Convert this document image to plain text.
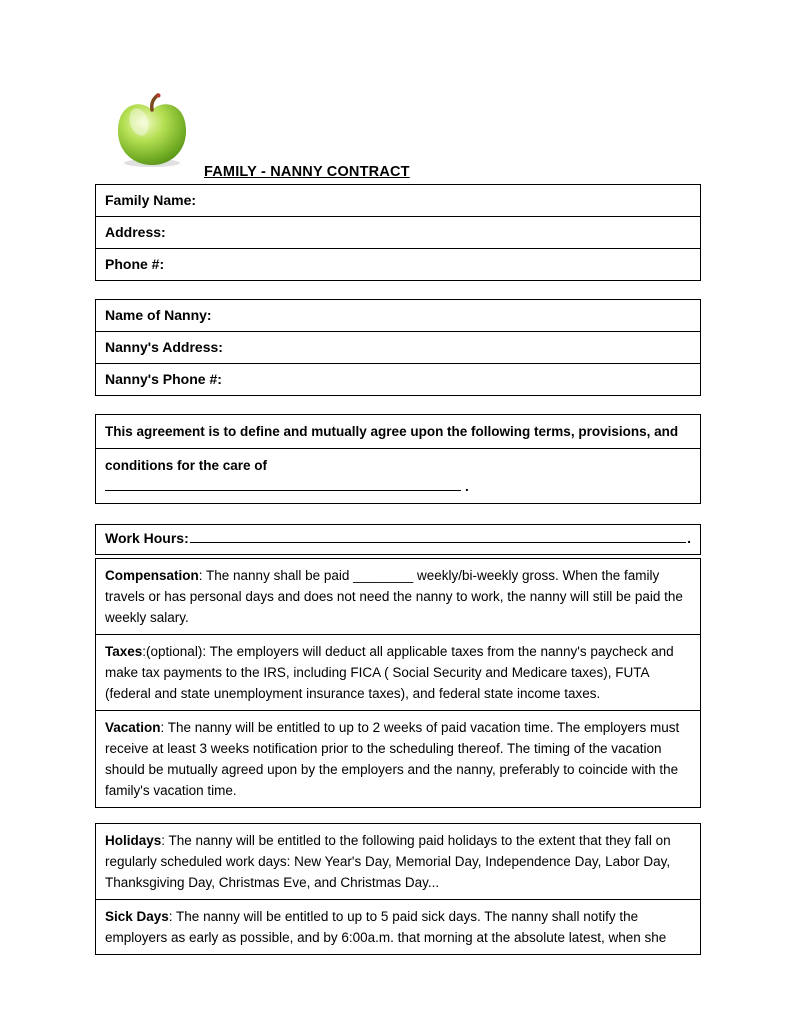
FAMILY - NANNY CONTRACT
Family Name:
Address:
Phone #:
Name of Nanny:
Nanny's Address:
Nanny's Phone #:
This agreement is to define and mutually agree upon the following terms, provisions, and
conditions for the care of
.
Work Hours:	.
Compensation: The nanny shall be paid ________ weekly/bi-weekly gross. When the family travels or has personal days and does not need the nanny to work, the nanny will still be paid the weekly salary.
Taxes:(optional): The employers will deduct all applicable taxes from the nanny's paycheck and make tax payments to the IRS, including FICA ( Social Security and Medicare taxes), FUTA (federal and state unemployment insurance taxes), and federal state income taxes.
Vacation: The nanny will be entitled to up to 2 weeks of paid vacation time. The employers must receive at least 3 weeks notification prior to the scheduling thereof. The timing of the vacation should be mutually agreed upon by the employers and the nanny, preferably to coincide with the family's vacation time.
Holidays: The nanny will be entitled to the following paid holidays to the extent that they fall on regularly scheduled work days: New Year's Day, Memorial Day, Independence Day, Labor Day, Thanksgiving Day, Christmas Eve, and Christmas Day...
Sick Days: The nanny will be entitled to up to 5 paid sick days. The nanny shall notify the employers as early as possible, and by 6:00a.m. that morning at the absolute latest, when she
